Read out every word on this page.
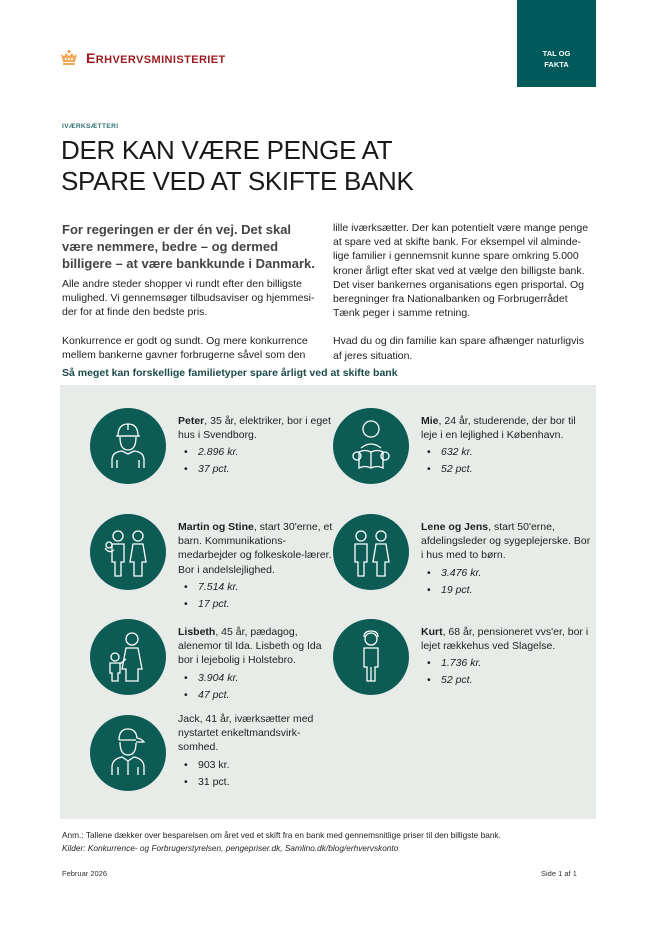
ERHVERVSMINISTERIET
TAL OG
FAKTA
IVÆRKSÆTTERI
DER KAN VÆRE PENGE AT
SPARE VED AT SKIFTE BANK

For regeringen er der én vej. Det skal være nemmere, bedre – og dermed billigere – at være bankkunde i Danmark.

Alle andre steder shopper vi rundt efter den billigste mulighed. Vi gennemsøger tilbudsaviser og hjemmesi-der for at finde den bedste pris.

Konkurrence er godt og sundt. Og mere konkurrence mellem bankerne gavner forbrugerne såvel som den

lille iværksætter. Der kan potentielt være mange penge at spare ved at skifte bank. For eksempel vil alminde-lige familier i gennemsnit kunne spare omkring 5.000 kroner årligt efter skat ved at vælge den billigste bank. Det viser bankernes organisations egen prisportal. Og beregninger fra Nationalbanken og Forbrugerrådet Tænk peger i samme retning.

Hvad du og din familie kan spare afhænger naturligvis af jeres situation.

Så meget kan forskellige familietyper spare årligt ved at skifte bank
Peter, 35 år, elektriker, bor i eget hus i Svendborg.
• 2.896 kr.
• 37 pct.
Mie, 24 år, studerende, der bor til leje i en lejlighed i København.
• 632 kr.
• 52 pct.
Martin og Stine, start 30'erne, et barn. Kommunikations-medarbejder og folkeskole-lærer. Bor i andelslejlighed.
• 7.514 kr.
• 17 pct.
Lene og Jens, start 50'erne, afdelingsleder og sygeplejerske. Bor i hus med to børn.
• 3.476 kr.
• 19 pct.
Lisbeth, 45 år, pædagog, alenemor til Ida. Lisbeth og Ida bor i lejebolig i Holstebro.
• 3.904 kr.
• 47 pct.
Kurt, 68 år, pensioneret vvs'er, bor i lejet rækkehus ved Slagelse.
• 1.736 kr.
• 52 pct.
Jack, 41 år, iværksætter med nystartet enkeltmandsvirk-somhed.
• 903 kr.
• 31 pct.
Anm.: Tallene dækker over besparelsen om året ved et skift fra en bank med gennemsnitlige priser til den billigste bank.
Kilder: Konkurrence- og Forbrugerstyrelsen, pengepriser.dk, Samlino.dk/blog/erhvervskonto
Februar 2026	Side 1 af 1
